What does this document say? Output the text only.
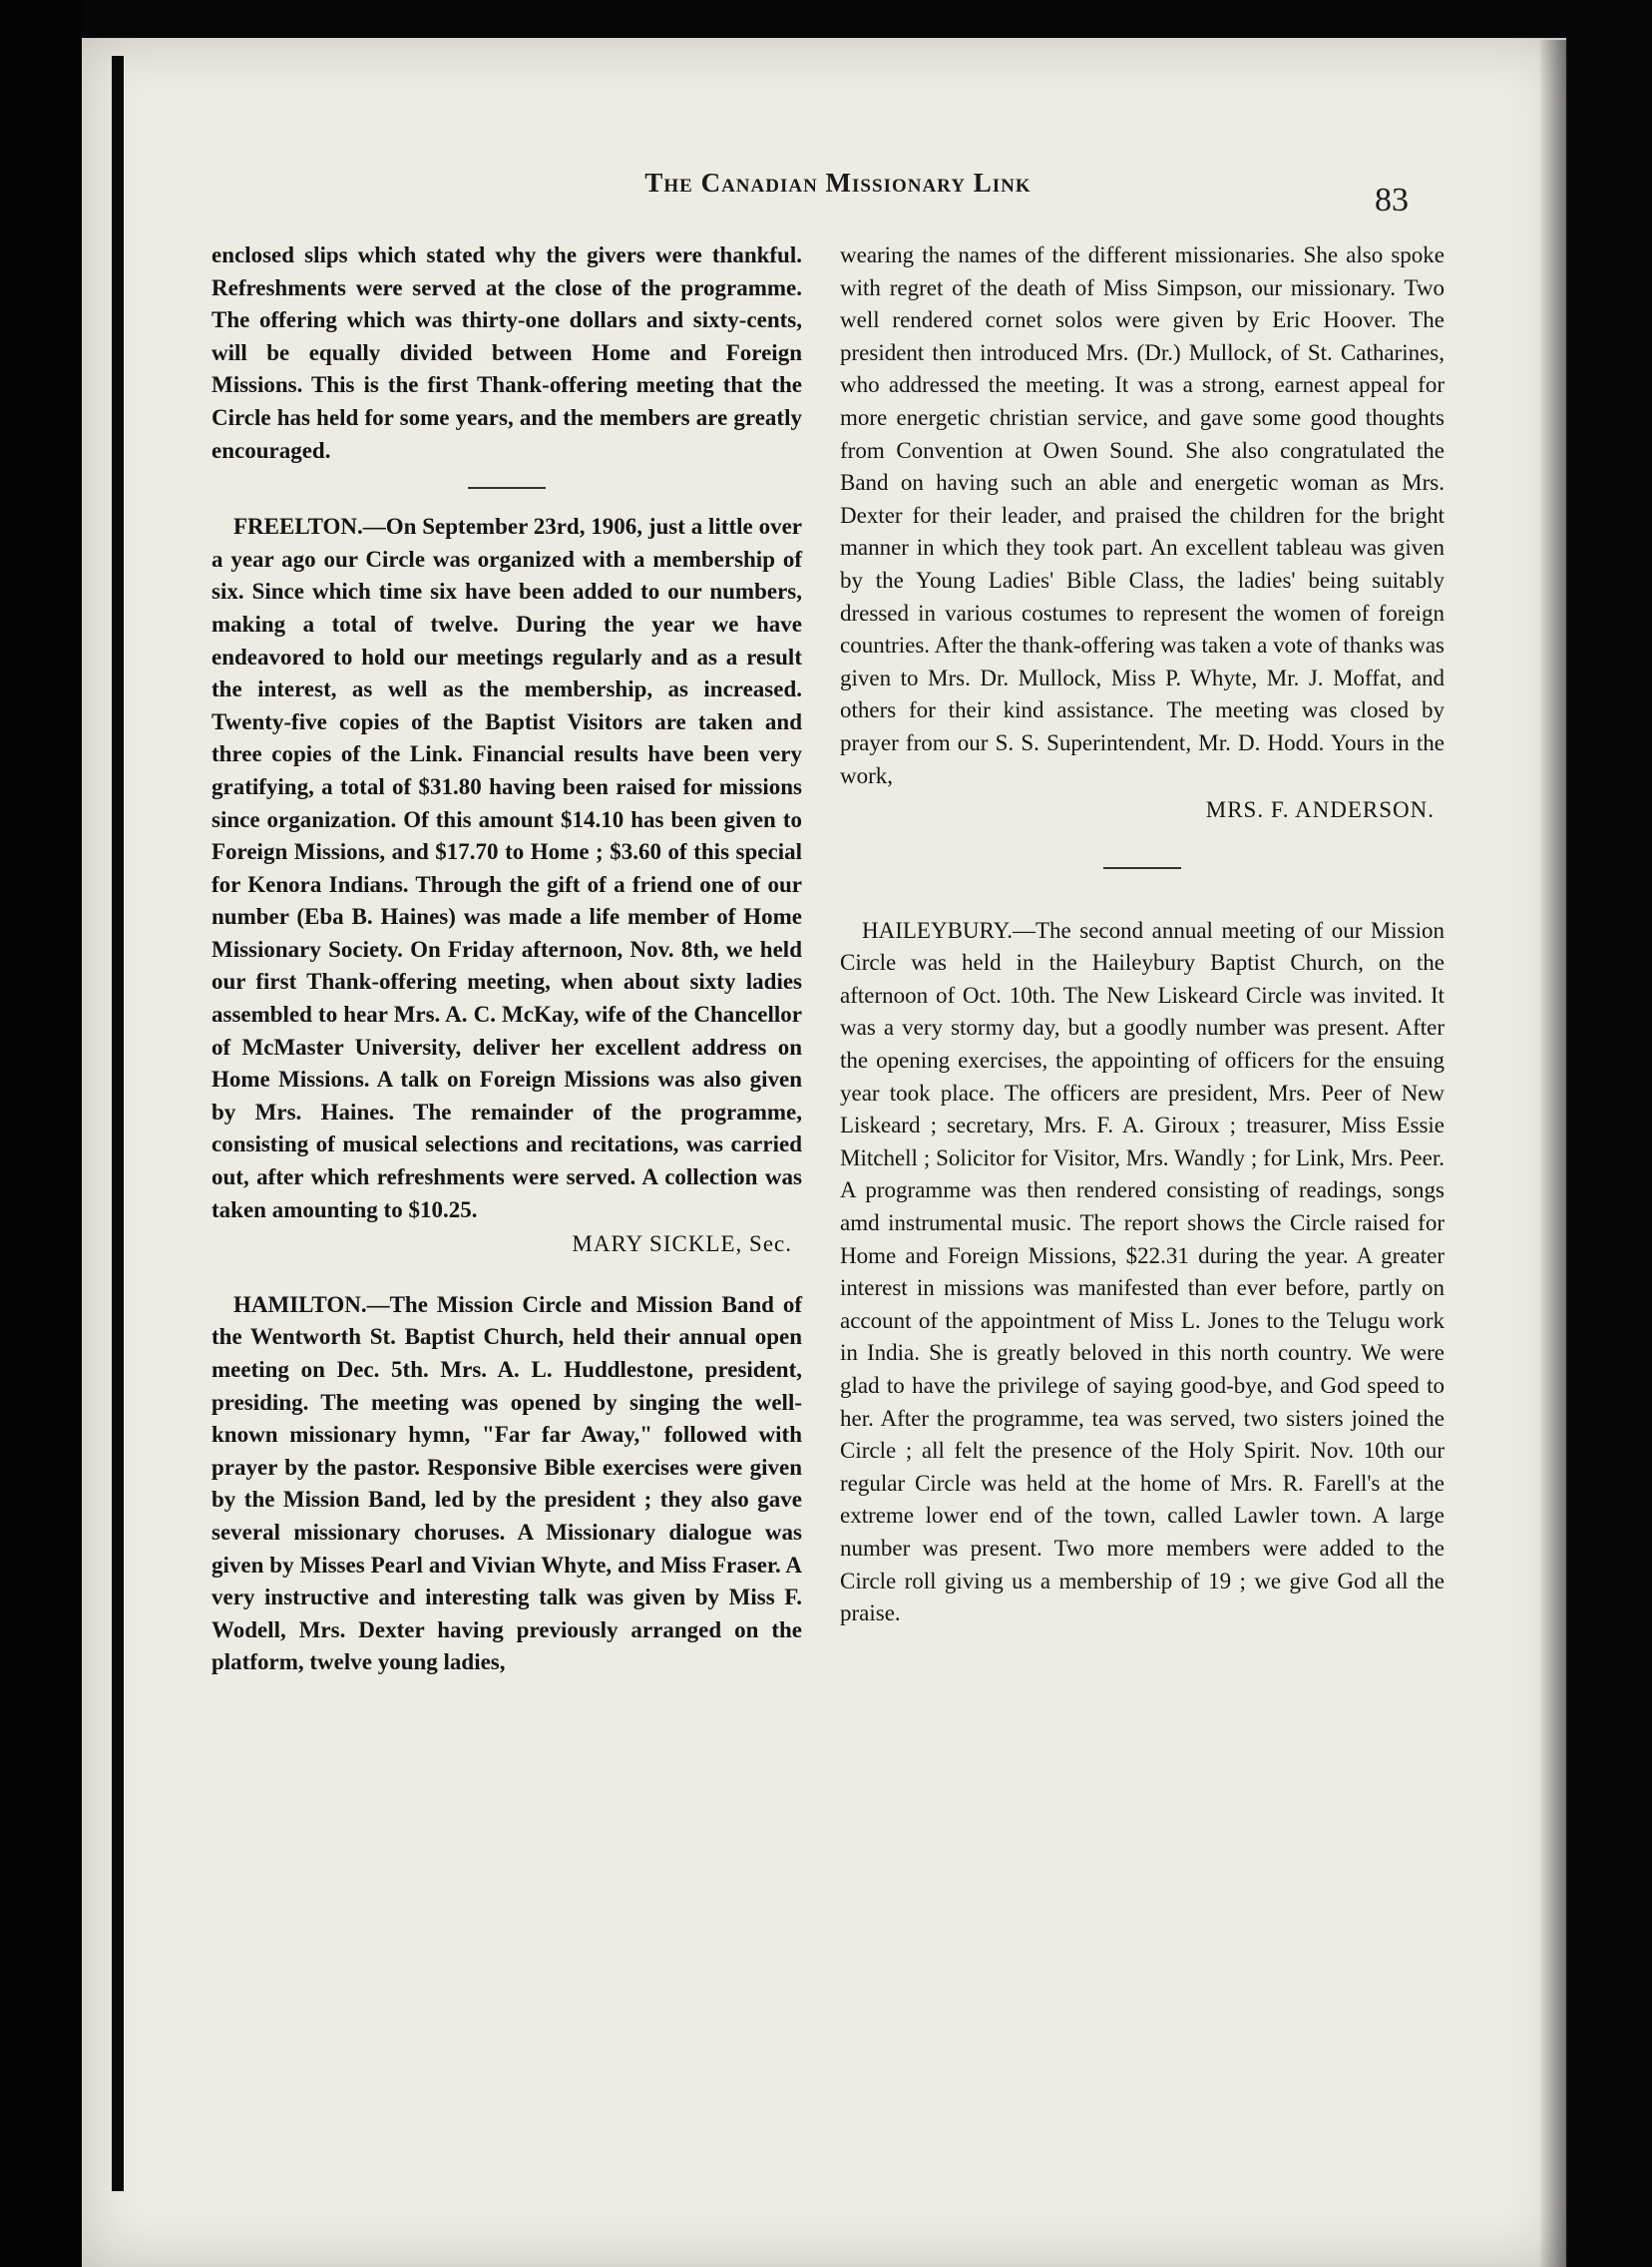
The Canadian Missionary Link	83

enclosed slips which stated why the givers were thankful. Refreshments were served at the close of the programme. The offering which was thirty-one dollars and sixty-cents, will be equally divided between Home and Foreign Missions. This is the first Thank-offering meeting that the Circle has held for some years, and the members are greatly encouraged.

FREELTON.—On September 23rd, 1906, just a little over a year ago our Circle was organized with a membership of six. Since which time six have been added to our numbers, making a total of twelve. During the year we have endeavored to hold our meetings regularly and as a result the interest, as well as the membership, as increased. Twenty-five copies of the Baptist Visitors are taken and three copies of the Link. Financial results have been very gratifying, a total of $31.80 having been raised for missions since organization. Of this amount $14.10 has been given to Foreign Missions, and $17.70 to Home ; $3.60 of this special for Kenora Indians. Through the gift of a friend one of our number (Eba B. Haines) was made a life member of Home Missionary Society. On Friday afternoon, Nov. 8th, we held our first Thank-offering meeting, when about sixty ladies assembled to hear Mrs. A. C. McKay, wife of the Chancellor of McMaster University, deliver her excellent address on Home Missions. A talk on Foreign Missions was also given by Mrs. Haines. The remainder of the programme, consisting of musical selections and recitations, was carried out, after which refreshments were served. A collection was taken amounting to $10.25.

MARY SICKLE, Sec.

HAMILTON.—The Mission Circle and Mission Band of the Wentworth St. Baptist Church, held their annual open meeting on Dec. 5th. Mrs. A. L. Huddlestone, president, presiding. The meeting was opened by singing the well-known missionary hymn, "Far far Away," followed with prayer by the pastor. Responsive Bible exercises were given by the Mission Band, led by the president ; they also gave several missionary choruses. A Missionary dialogue was given by Misses Pearl and Vivian Whyte, and Miss Fraser. A very instructive and interesting talk was given by Miss F. Wodell, Mrs. Dexter having previously arranged on the platform, twelve young ladies,

wearing the names of the different missionaries. She also spoke with regret of the death of Miss Simpson, our missionary. Two well rendered cornet solos were given by Eric Hoover. The president then introduced Mrs. (Dr.) Mullock, of St. Catharines, who addressed the meeting. It was a strong, earnest appeal for more energetic christian service, and gave some good thoughts from Convention at Owen Sound. She also congratulated the Band on having such an able and energetic woman as Mrs. Dexter for their leader, and praised the children for the bright manner in which they took part. An excellent tableau was given by the Young Ladies' Bible Class, the ladies' being suitably dressed in various costumes to represent the women of foreign countries. After the thank-offering was taken a vote of thanks was given to Mrs. Dr. Mullock, Miss P. Whyte, Mr. J. Moffat, and others for their kind assistance. The meeting was closed by prayer from our S. S. Superintendent, Mr. D. Hodd. Yours in the work,

MRS. F. ANDERSON.

HAILEYBURY.—The second annual meeting of our Mission Circle was held in the Haileybury Baptist Church, on the afternoon of Oct. 10th. The New Liskeard Circle was invited. It was a very stormy day, but a goodly number was present. After the opening exercises, the appointing of officers for the ensuing year took place. The officers are president, Mrs. Peer of New Liskeard ; secretary, Mrs. F. A. Giroux ; treasurer, Miss Essie Mitchell ; Solicitor for Visitor, Mrs. Wandly ; for Link, Mrs. Peer. A programme was then rendered consisting of readings, songs amd instrumental music. The report shows the Circle raised for Home and Foreign Missions, $22.31 during the year. A greater interest in missions was manifested than ever before, partly on account of the appointment of Miss L. Jones to the Telugu work in India. She is greatly beloved in this north country. We were glad to have the privilege of saying good-bye, and God speed to her. After the programme, tea was served, two sisters joined the Circle ; all felt the presence of the Holy Spirit. Nov. 10th our regular Circle was held at the home of Mrs. R. Farell's at the extreme lower end of the town, called Lawler town. A large number was present. Two more members were added to the Circle roll giving us a membership of 19 ; we give God all the praise.
